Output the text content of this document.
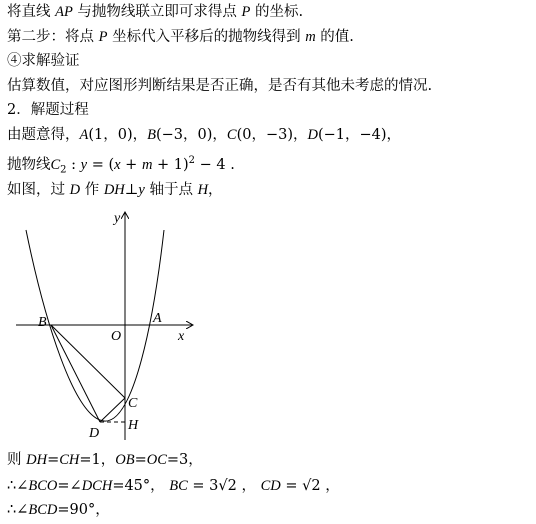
将直线 AP 与抛物线联立即可求得点 P 的坐标.
第二步：将点 P 坐标代入平移后的抛物线得到 m 的值.
④求解验证
估算数值，对应图形判断结果是否正确，是否有其他未考虑的情况.
2．解题过程
由题意得，A(1，0)，B(−3，0)，C(0，−3)，D(−1，−4)，
抛物线$C_2$ : $y = (x + m + 1)^2 - 4$ .
如图，过 D 作 DH⊥y 轴于点 H，
则 DH=CH=1，OB=OC=3，
∴∠BCO=∠DCH=45°， BC = 3√2 ， CD = √2 ，
∴∠BCD=90°，
y
x
O
A
B
C
D
H
